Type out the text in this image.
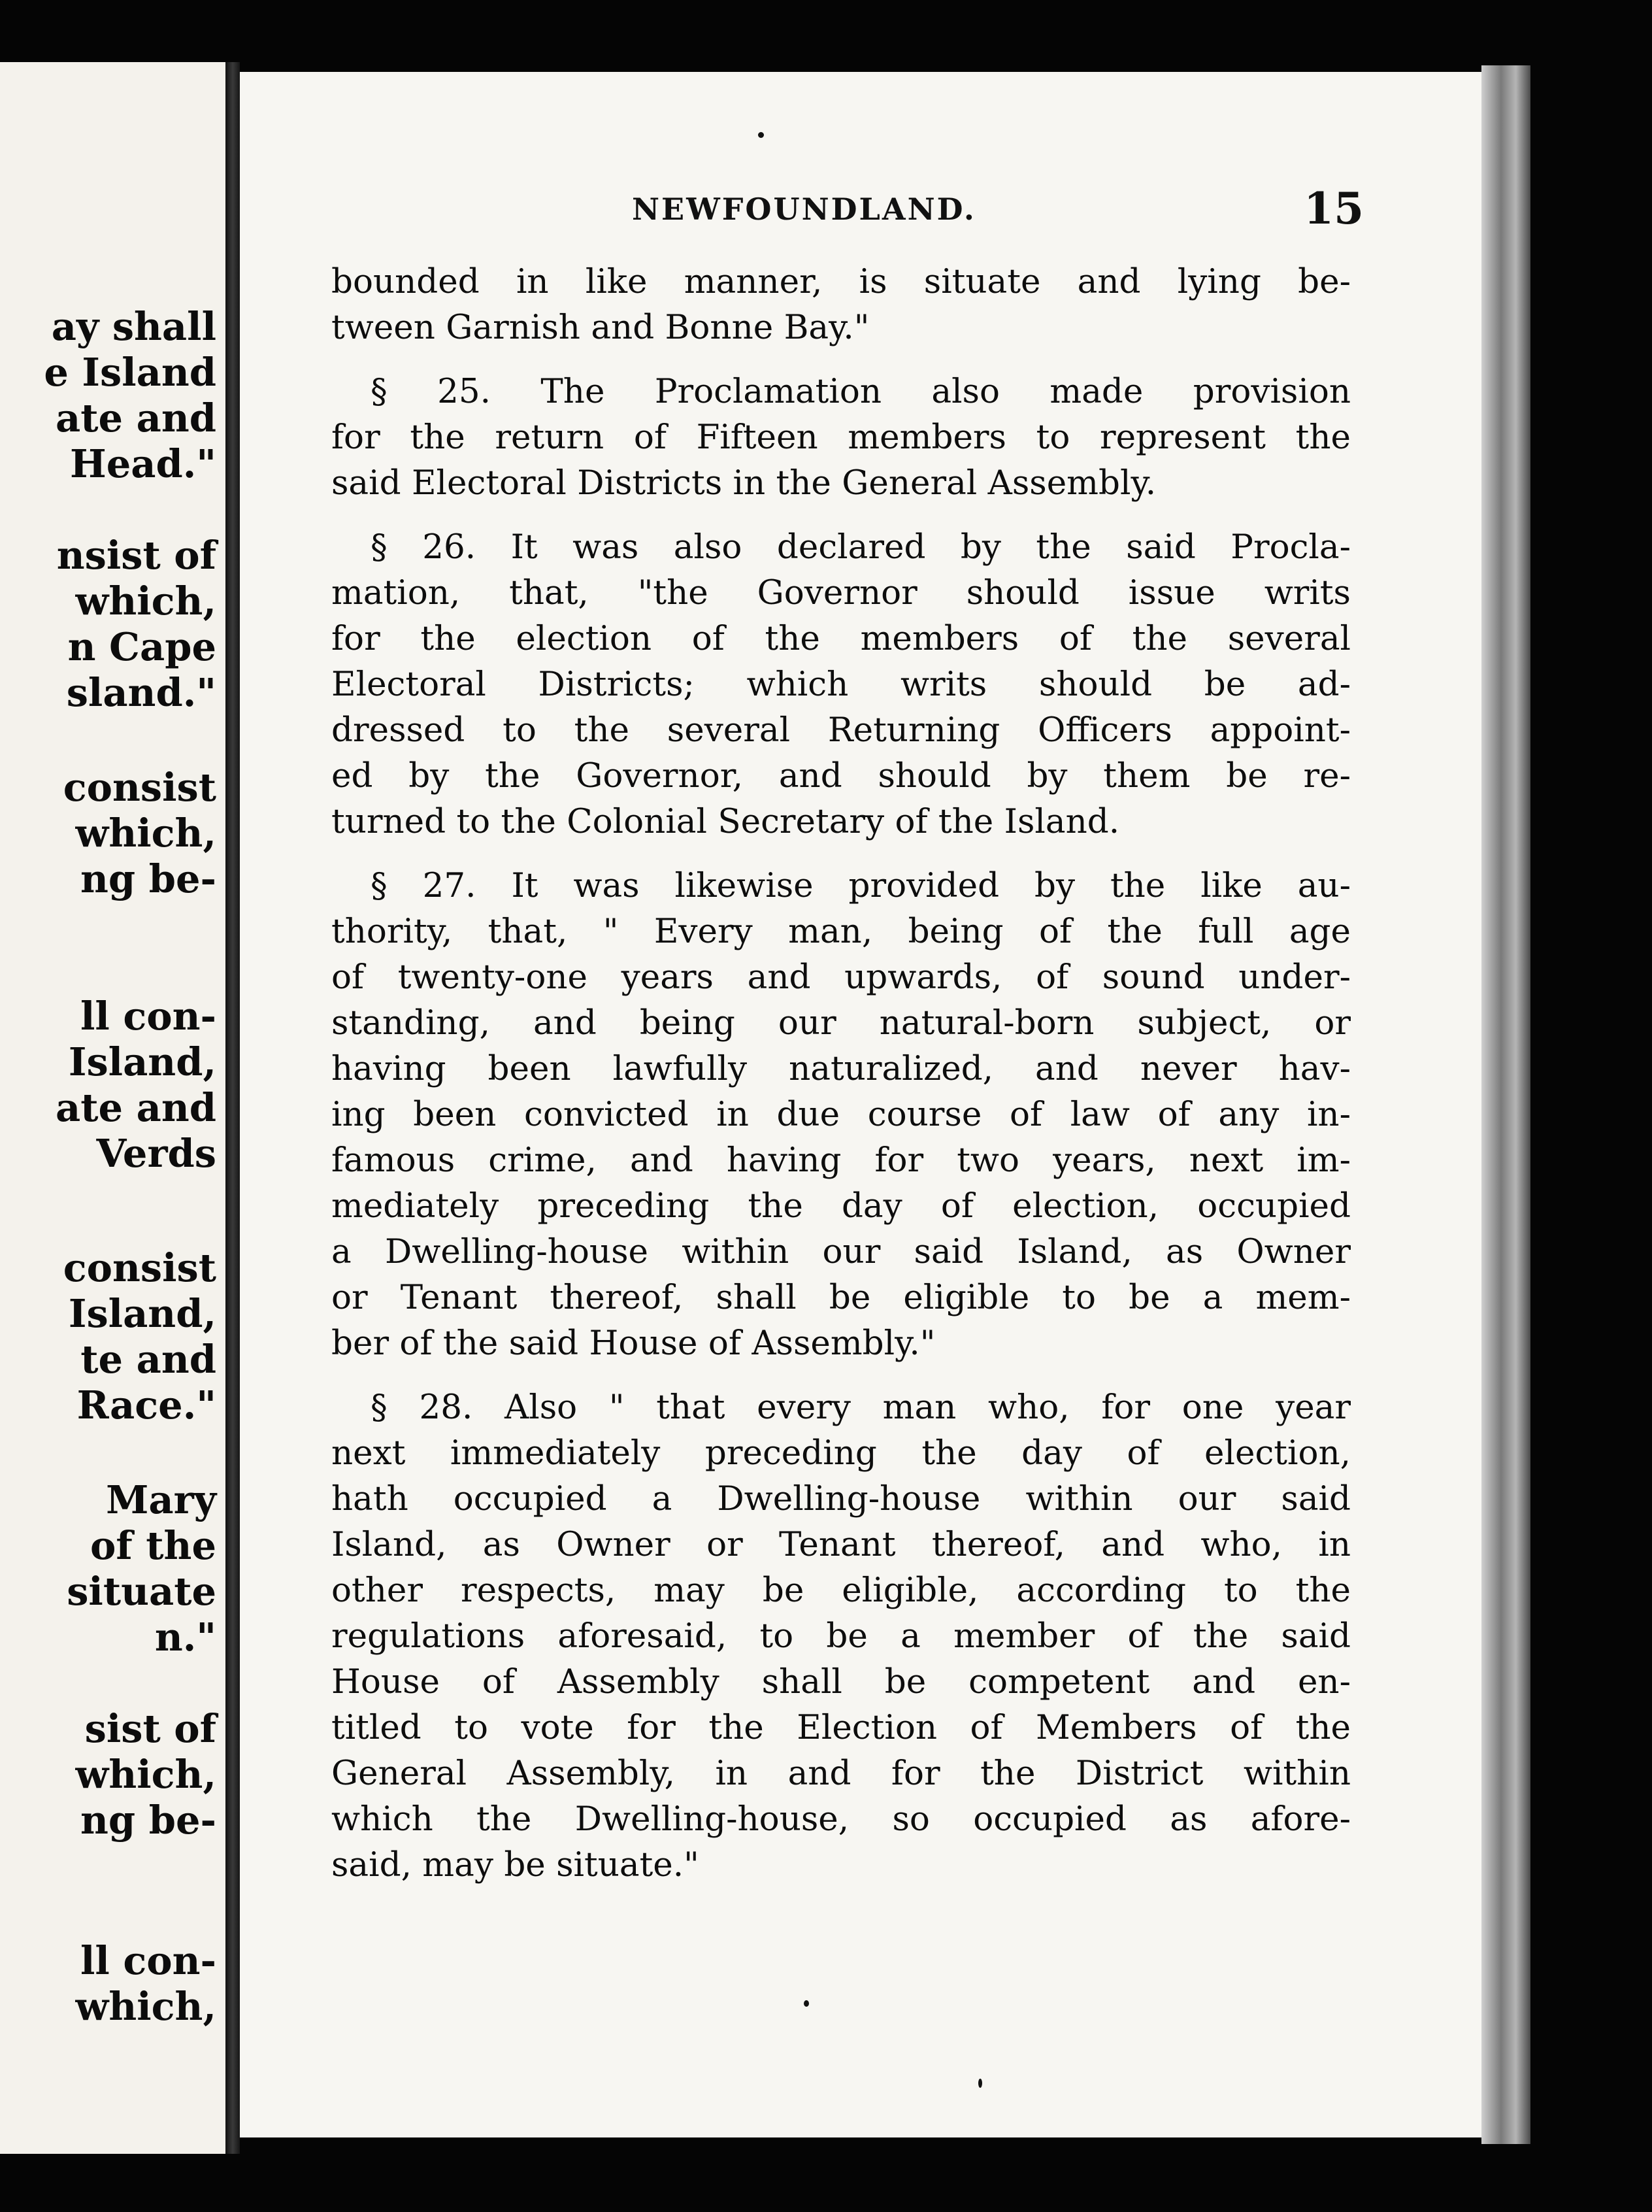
ay shall
e Island
ate and
Head."
nsist of
which,
n Cape
sland."
consist
which,
ng be-
ll con-
Island,
ate and
Verds
consist
Island,
te and
Race."
Mary
of the
situate
n."
sist of
which,
ng be-
ll con-
which,
NEWFOUNDLAND.	15
bounded in like manner, is situate and lying be-
tween Garnish and Bonne Bay."
§ 25. The Proclamation also made provision
for the return of Fifteen members to represent the
said Electoral Districts in the General Assembly.
§ 26. It was also declared by the said Procla-
mation, that, "the Governor should issue writs
for the election of the members of the several
Electoral Districts; which writs should be ad-
dressed to the several Returning Officers appoint-
ed by the Governor, and should by them be re-
turned to the Colonial Secretary of the Island.
§ 27. It was likewise provided by the like au-
thority, that, " Every man, being of the full age
of twenty-one years and upwards, of sound under-
standing, and being our natural-born subject, or
having been lawfully naturalized, and never hav-
ing been convicted in due course of law of any in-
famous crime, and having for two years, next im-
mediately preceding the day of election, occupied
a Dwelling-house within our said Island, as Owner
or Tenant thereof, shall be eligible to be a mem-
ber of the said House of Assembly."
§ 28. Also " that every man who, for one year
next immediately preceding the day of election,
hath occupied a Dwelling-house within our said
Island, as Owner or Tenant thereof, and who, in
other respects, may be eligible, according to the
regulations aforesaid, to be a member of the said
House of Assembly shall be competent and en-
titled to vote for the Election of Members of the
General Assembly, in and for the District within
which the Dwelling-house, so occupied as afore-
said, may be situate."
